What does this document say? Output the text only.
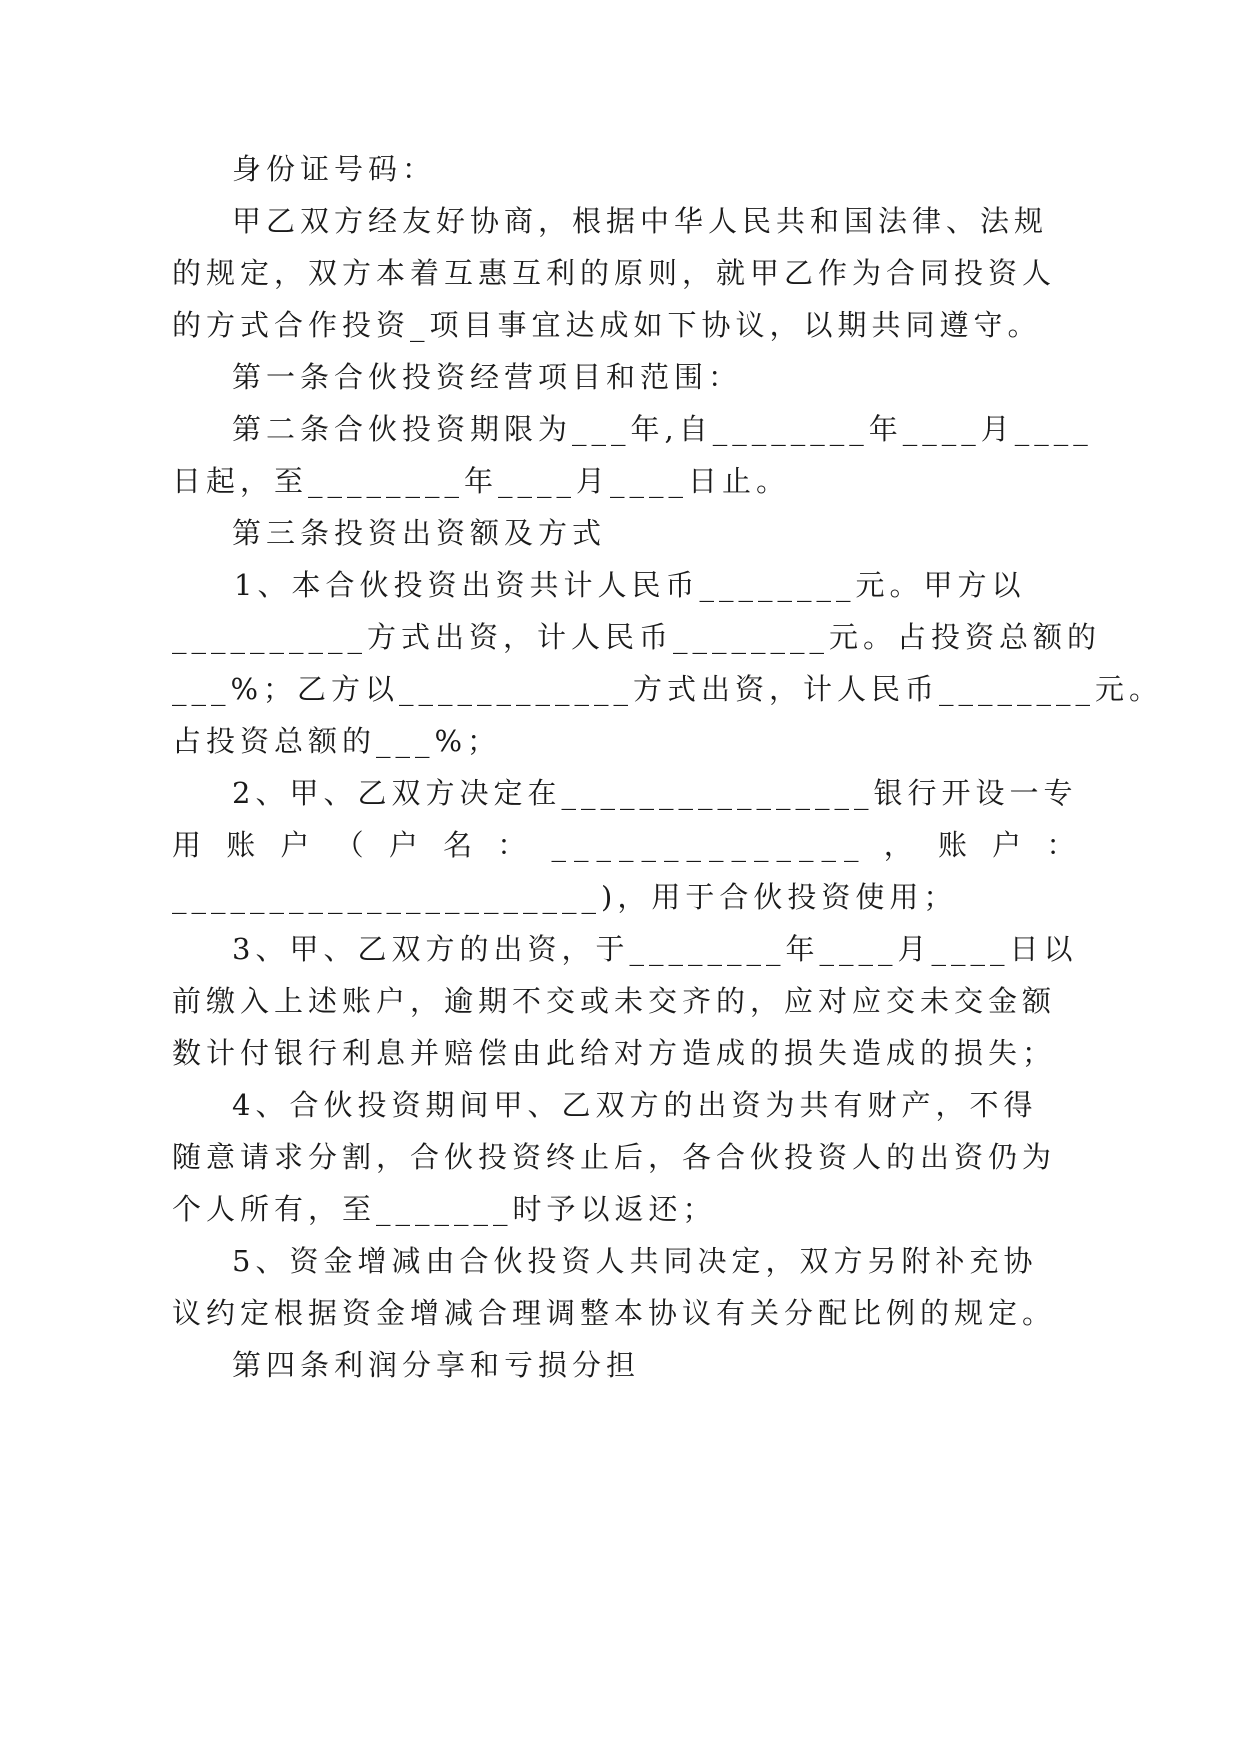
身份证号码：
甲乙双方经友好协商，根据中华人民共和国法律、法规
的规定，双方本着互惠互利的原则，就甲乙作为合同投资人
的方式合作投资_项目事宜达成如下协议，以期共同遵守。
第一条合伙投资经营项目和范围：
第二条合伙投资期限为___年,自________年____月____
日起，至________年____月____日止。
第三条投资出资额及方式
1、本合伙投资出资共计人民币________元。甲方以
__________方式出资，计人民币________元。占投资总额的
___%；乙方以____________方式出资，计人民币________元。
占投资总额的___%；
2、甲、乙双方决定在________________银行开设一专
用 账 户 （ 户 名 ： ______________ ， 账 户 ：
______________________)，用于合伙投资使用；
3、甲、乙双方的出资，于________年____月____日以
前缴入上述账户，逾期不交或未交齐的，应对应交未交金额
数计付银行利息并赔偿由此给对方造成的损失造成的损失；
4、合伙投资期间甲、乙双方的出资为共有财产，不得
随意请求分割，合伙投资终止后，各合伙投资人的出资仍为
个人所有，至_______时予以返还；
5、资金增减由合伙投资人共同决定，双方另附补充协
议约定根据资金增减合理调整本协议有关分配比例的规定。
第四条利润分享和亏损分担
